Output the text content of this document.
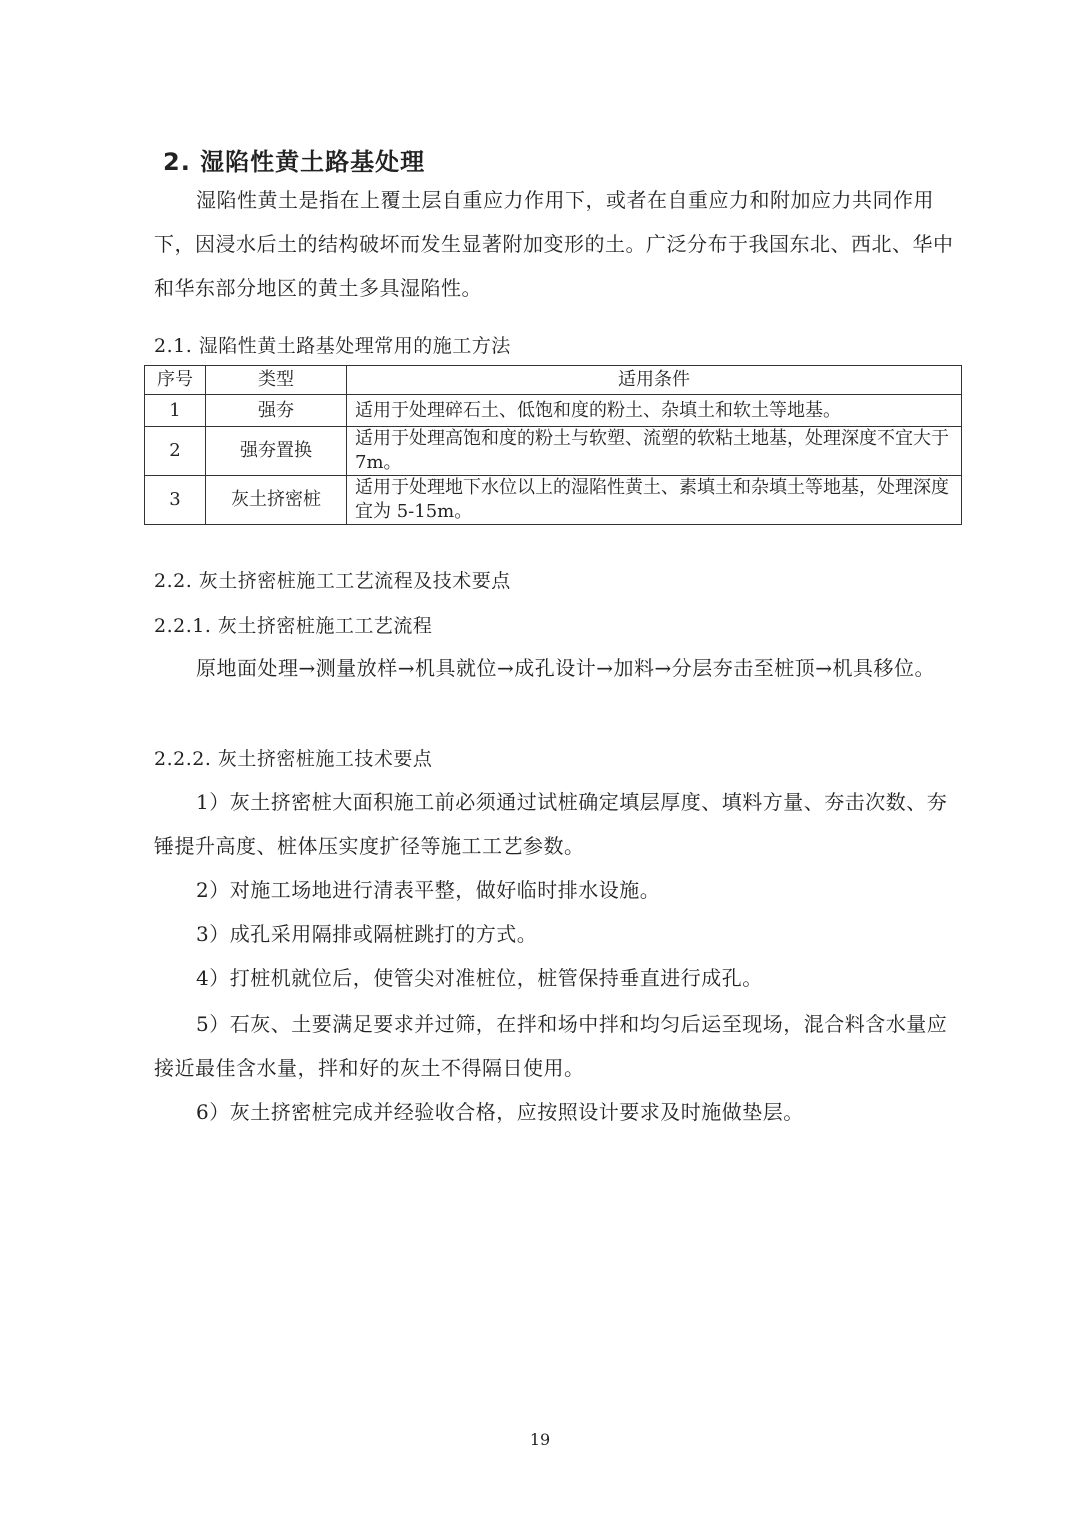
2. 湿陷性黄土路基处理
湿陷性黄土是指在上覆土层自重应力作用下，或者在自重应力和附加应力共同作用下，因浸水后土的结构破坏而发生显著附加变形的土。广泛分布于我国东北、西北、华中和华东部分地区的黄土多具湿陷性。
2.1. 湿陷性黄土路基处理常用的施工方法
序号	类型	适用条件
1	强夯	适用于处理碎石土、低饱和度的粉土、杂填土和软土等地基。
2	强夯置换	适用于处理高饱和度的粉土与软塑、流塑的软粘土地基，处理深度不宜大于 7m。
3	灰土挤密桩	适用于处理地下水位以上的湿陷性黄土、素填土和杂填土等地基，处理深度宜为 5-15m。
2.2. 灰土挤密桩施工工艺流程及技术要点
2.2.1. 灰土挤密桩施工工艺流程
原地面处理→测量放样→机具就位→成孔设计→加料→分层夯击至桩顶→机具移位。
2.2.2. 灰土挤密桩施工技术要点
1）灰土挤密桩大面积施工前必须通过试桩确定填层厚度、填料方量、夯击次数、夯锤提升高度、桩体压实度扩径等施工工艺参数。
2）对施工场地进行清表平整，做好临时排水设施。
3）成孔采用隔排或隔桩跳打的方式。
4）打桩机就位后，使管尖对准桩位，桩管保持垂直进行成孔。
5）石灰、土要满足要求并过筛，在拌和场中拌和均匀后运至现场，混合料含水量应接近最佳含水量，拌和好的灰土不得隔日使用。
6）灰土挤密桩完成并经验收合格，应按照设计要求及时施做垫层。
19
